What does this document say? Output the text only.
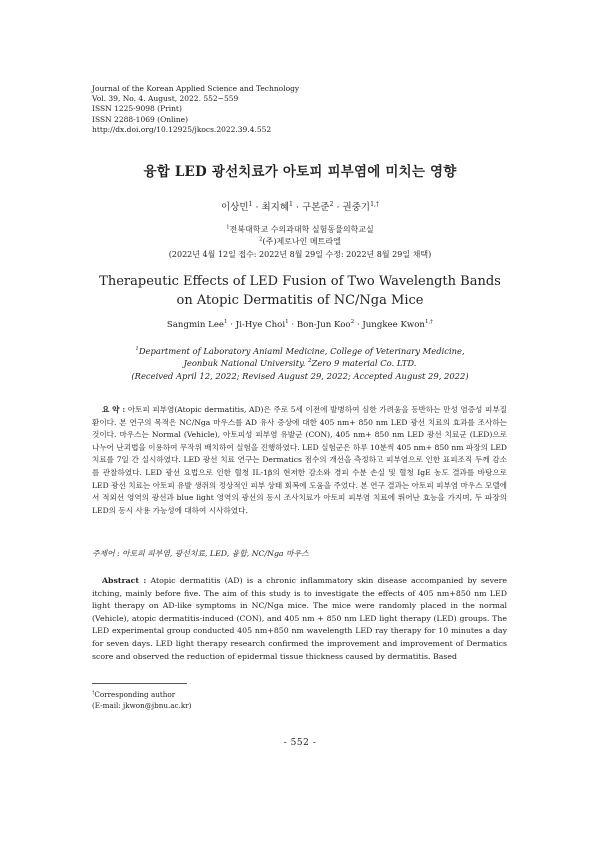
Journal of the Korean Applied Science and Technology
Vol. 39, No. 4. August, 2022. 552~559
ISSN 1225-9098 (Print)
ISSN 2288-1069 (Online)
http://dx.doi.org/10.12925/jkocs.2022.39.4.552
융합 LED 광선치료가 아토피 피부염에 미치는 영향
이상민$^1$ · 최지혜$^1$ · 구본준$^2$ · 권중기$^{1,\dagger}$
$^1$전북대학교 수의과대학 실험동물의학교실
$^2$(주)제로나인 메트라엘
(2022년 4월 12일 접수: 2022년 8월 29일 수정: 2022년 8월 29일 채택)
Therapeutic Effects of LED Fusion of Two Wavelength Bands
on Atopic Dermatitis of NC/Nga Mice
Sangmin Lee$^1$ · Ji-Hye Choi$^1$ · Bon-Jun Koo$^2$ · Jungkee Kwon$^{1,\dagger}$
$^1$Department of Laboratory Aniaml Medicine, College of Veterinary Medicine,
Jeonbuk National University. $^2$Zero 9 material Co. LTD.
(Received April 12, 2022; Revised August 29, 2022; Accepted August 29, 2022)
요 약 : 아토피 피부염(Atopic dermatitis, AD)은 주로 5세 이전에 발병하여 심한 가려움을 동반하는 만성 염증성 피부질환이다. 본 연구의 목적은 NC/Nga 마우스를 AD 유사 증상에 대한 405 nm+ 850 nm LED 광선 치료의 효과를 조사하는 것이다. 마우스는 Normal (Vehicle), 아토피성 피부염 유발군 (CON), 405 nm+ 850 nm LED 광선 치료군 (LED)으로 나누어 난괴법을 이용하여 무작위 배치하여 실험을 진행하였다. LED 실험군은 하루 10분씩 405 nm+ 850 nm 파장의 LED 치료를 7일 간 실시하였다. LED 광선 치료 연구는 Dermatics 점수의 개선을 측정하고 피부염으로 인한 표피조직 두께 감소를 관찰하였다. LED 광선 요법으로 인한 혈청 IL-1β의 현저한 감소와 경피 수분 손실 및 혈청 IgE 농도 결과를 바탕으로 LED 광선 치료는 아토피 유발 생쥐의 정상적인 피부 상태 회복에 도움을 주었다. 본 연구 결과는 아토피 피부염 마우스 모델에서 적외선 영역의 광선과 blue light 영역의 광선의 동시 조사치료가 아토피 피부염 치료에 뛰어난 효능을 가지며, 두 파장의 LED의 동시 사용 가능성에 대하여 시사하였다.
주제어 : 아토피 피부염, 광선치료, LED, 융합, NC/Nga 마우스
Abstract : Atopic dermatitis (AD) is a chronic inflammatory skin disease accompanied by severe itching, mainly before five. The aim of this study is to investigate the effects of 405 nm+850 nm LED light therapy on AD-like symptoms in NC/Nga mice. The mice were randomly placed in the normal (Vehicle), atopic dermatitis-induced (CON), and 405 nm + 850 nm LED light therapy (LED) groups. The LED experimental group conducted 405 nm+850 nm wavelength LED ray therapy for 10 minutes a day for seven days. LED light therapy research confirmed the improvement and improvement of Dermatics score and observed the reduction of epidermal tissue thickness caused by dermatitis. Based
†Corresponding author
(E-mail: jkwon@jbnu.ac.kr)
- 552 -
